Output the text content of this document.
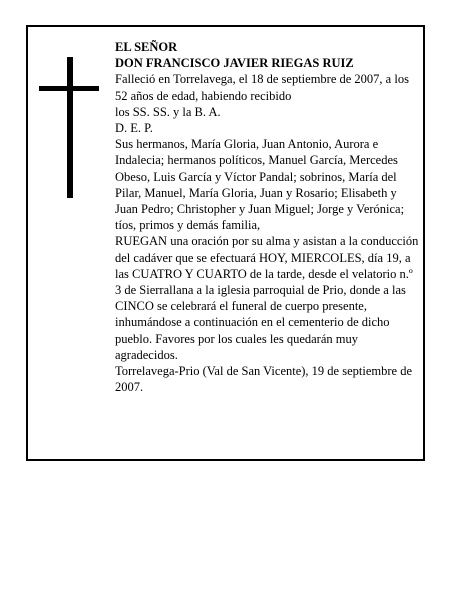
EL SEÑOR

DON FRANCISCO JAVIER RIEGAS RUIZ

Falleció en Torrelavega, el 18 de septiembre de 2007, a los 52 años de edad, habiendo recibido

los SS. SS. y la B. A.

D. E. P.

Sus hermanos, María Gloria, Juan Antonio, Aurora e Indalecia; hermanos políticos, Manuel García, Mercedes Obeso, Luis García y Víctor Pandal; sobrinos, María del Pilar, Manuel, María Gloria, Juan y Rosario; Elisabeth y Juan Pedro; Christopher y Juan Miguel; Jorge y Verónica; tíos, primos y demás familia,

RUEGAN una oración por su alma y asistan a la conducción del cadáver que se efectuará HOY, MIERCOLES, día 19, a las CUATRO Y CUARTO de la tarde, desde el velatorio n.º 3 de Sierrallana a la iglesia parroquial de Prio, donde a las CINCO se celebrará el funeral de cuerpo presente, inhumándose a continuación en el cementerio de dicho pueblo. Favores por los cuales les quedarán muy agradecidos.

Torrelavega-Prio (Val de San Vicente), 19 de septiembre de 2007.
